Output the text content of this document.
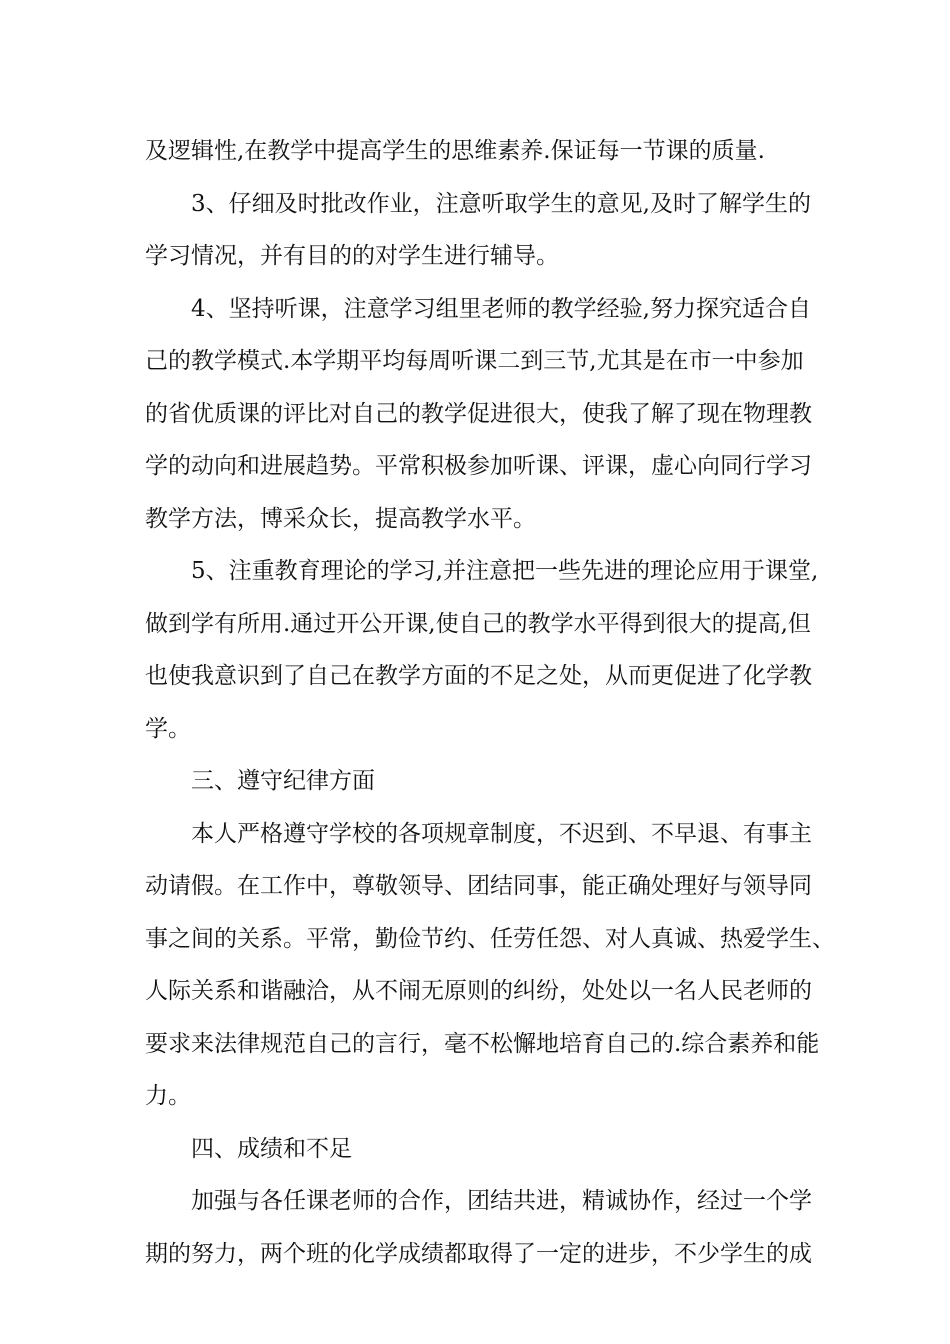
及逻辑性,在教学中提高学生的思维素养.保证每一节课的质量.
3、仔细及时批改作业，注意听取学生的意见,及时了解学生的
学习情况，并有目的的对学生进行辅导。
4、坚持听课，注意学习组里老师的教学经验,努力探究适合自
己的教学模式.本学期平均每周听课二到三节,尤其是在市一中参加
的省优质课的评比对自己的教学促进很大，使我了解了现在物理教
学的动向和进展趋势。平常积极参加听课、评课，虚心向同行学习
教学方法，博采众长，提高教学水平。
5、注重教育理论的学习,并注意把一些先进的理论应用于课堂,
做到学有所用.通过开公开课,使自己的教学水平得到很大的提高,但
也使我意识到了自己在教学方面的不足之处，从而更促进了化学教
学。
三、遵守纪律方面
本人严格遵守学校的各项规章制度，不迟到、不早退、有事主
动请假。在工作中，尊敬领导、团结同事，能正确处理好与领导同
事之间的关系。平常，勤俭节约、任劳任怨、对人真诚、热爱学生、
人际关系和谐融洽，从不闹无原则的纠纷，处处以一名人民老师的
要求来法律规范自己的言行，毫不松懈地培育自己的.综合素养和能
力。
四、成绩和不足
加强与各任课老师的合作，团结共进，精诚协作，经过一个学
期的努力，两个班的化学成绩都取得了一定的进步，不少学生的成
